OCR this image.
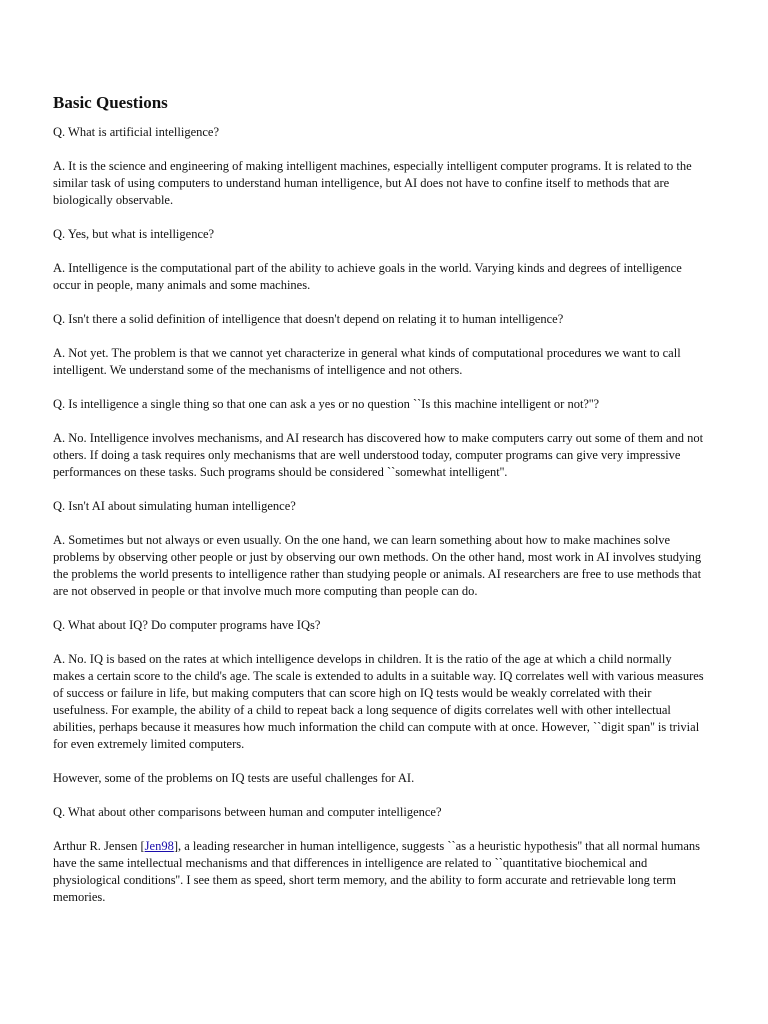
Basic Questions
Q. What is artificial intelligence?
A. It is the science and engineering of making intelligent machines, especially intelligent computer programs. It is related to the similar task of using computers to understand human intelligence, but AI does not have to confine itself to methods that are biologically observable.
Q. Yes, but what is intelligence?
A. Intelligence is the computational part of the ability to achieve goals in the world. Varying kinds and degrees of intelligence occur in people, many animals and some machines.
Q. Isn't there a solid definition of intelligence that doesn't depend on relating it to human intelligence?
A. Not yet. The problem is that we cannot yet characterize in general what kinds of computational procedures we want to call intelligent. We understand some of the mechanisms of intelligence and not others.
Q. Is intelligence a single thing so that one can ask a yes or no question ``Is this machine intelligent or not?''?
A. No. Intelligence involves mechanisms, and AI research has discovered how to make computers carry out some of them and not others. If doing a task requires only mechanisms that are well understood today, computer programs can give very impressive performances on these tasks. Such programs should be considered ``somewhat intelligent''.
Q. Isn't AI about simulating human intelligence?
A. Sometimes but not always or even usually. On the one hand, we can learn something about how to make machines solve problems by observing other people or just by observing our own methods. On the other hand, most work in AI involves studying the problems the world presents to intelligence rather than studying people or animals. AI researchers are free to use methods that are not observed in people or that involve much more computing than people can do.
Q. What about IQ? Do computer programs have IQs?
A. No. IQ is based on the rates at which intelligence develops in children. It is the ratio of the age at which a child normally makes a certain score to the child's age. The scale is extended to adults in a suitable way. IQ correlates well with various measures of success or failure in life, but making computers that can score high on IQ tests would be weakly correlated with their usefulness. For example, the ability of a child to repeat back a long sequence of digits correlates well with other intellectual abilities, perhaps because it measures how much information the child can compute with at once. However, ``digit span'' is trivial for even extremely limited computers.
However, some of the problems on IQ tests are useful challenges for AI.
Q. What about other comparisons between human and computer intelligence?
Arthur R. Jensen [Jen98], a leading researcher in human intelligence, suggests ``as a heuristic hypothesis'' that all normal humans have the same intellectual mechanisms and that differences in intelligence are related to ``quantitative biochemical and physiological conditions''. I see them as speed, short term memory, and the ability to form accurate and retrievable long term memories.
